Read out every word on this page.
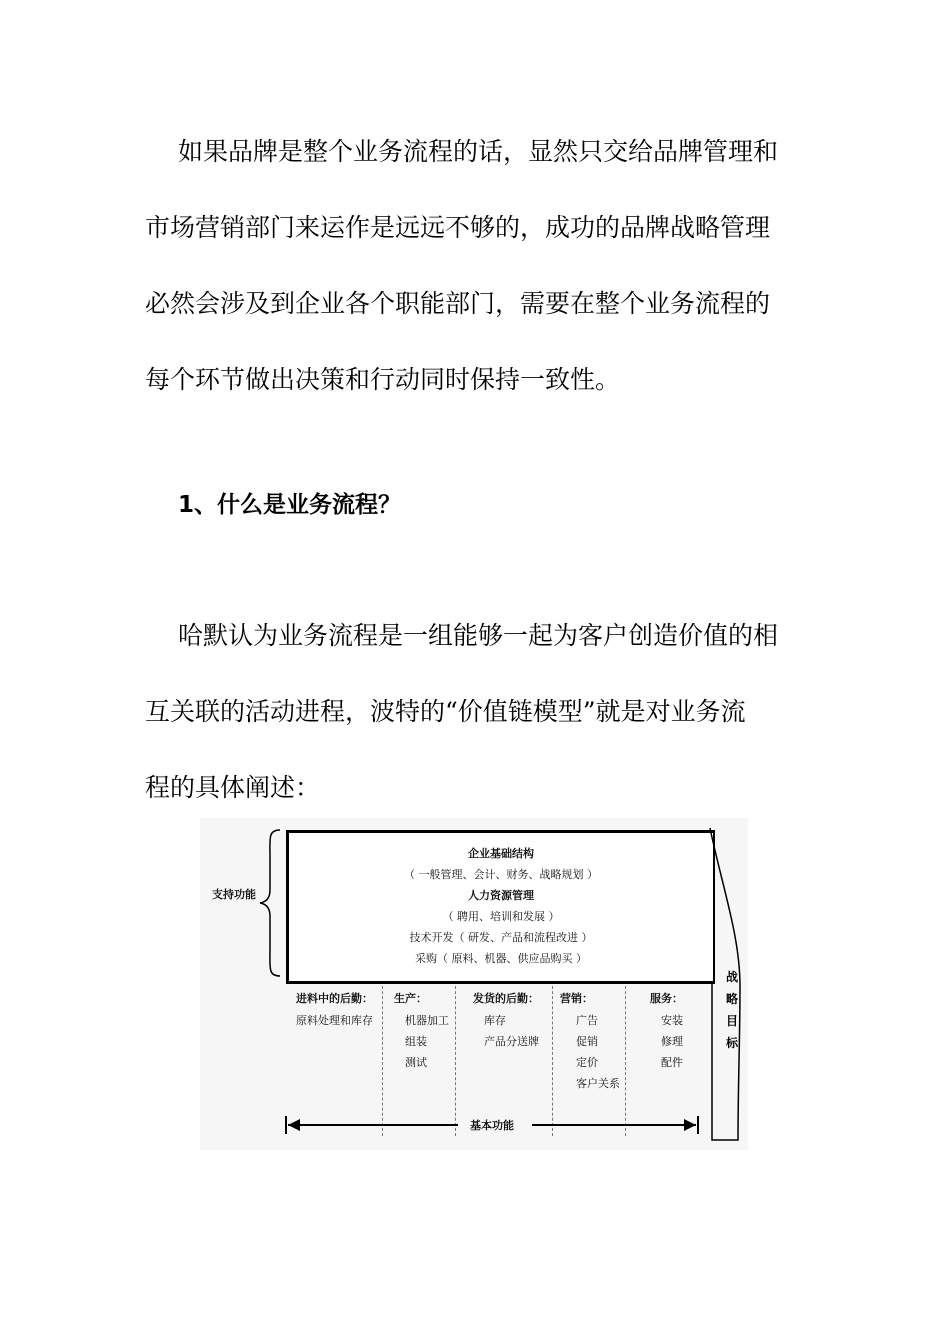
如果品牌是整个业务流程的话，显然只交给品牌管理和
市场营销部门来运作是远远不够的，成功的品牌战略管理
必然会涉及到企业各个职能部门，需要在整个业务流程的
每个环节做出决策和行动同时保持一致性。
1、什么是业务流程？
哈默认为业务流程是一组能够一起为客户创造价值的相
互关联的活动进程，波特的“价值链模型”就是对业务流
程的具体阐述：
支持功能
企业基础结构
（ 一般管理、会计、财务、战略规划 ）
人力资源管理
（ 聘用、培训和发展 ）
技术开发（ 研发、产品和流程改进 ）
采购（ 原料、机器、供应品购买 ）
战
略
目
标
进料中的后勤：
原料处理和库存
生产：
机器加工
组装
测试
发货的后勤：
库存
产品分送牌
营销：
广告
促销
定价
客户关系
服务：
安装
修理
配件
基本功能
